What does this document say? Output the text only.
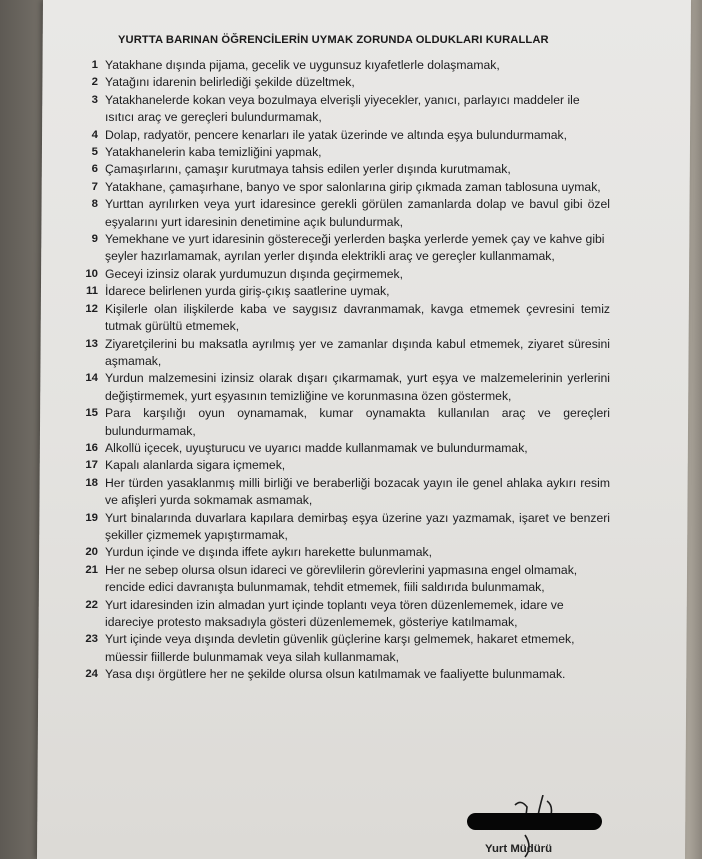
YURTTA BARINAN ÖĞRENCİLERİN UYMAK ZORUNDA OLDUKLARI KURALLAR
1 Yatakhane dışında pijama, gecelik ve uygunsuz kıyafetlerle dolaşmamak,
2 Yatağını idarenin belirlediği şekilde düzeltmek,
3 Yatakhanelerde kokan veya bozulmaya elverişli yiyecekler, yanıcı, parlayıcı maddeler ile ısıtıcı araç ve gereçleri bulundurmamak,
4 Dolap, radyatör, pencere kenarları ile yatak üzerinde ve altında eşya bulundurmamak,
5 Yatakhanelerin kaba temizliğini yapmak,
6 Çamaşırlarını, çamaşır kurutmaya tahsis edilen yerler dışında kurutmamak,
7 Yatakhane, çamaşırhane, banyo ve spor salonlarına girip çıkmada zaman tablosuna uymak,
8 Yurttan ayrılırken veya yurt idaresince gerekli görülen zamanlarda dolap ve bavul gibi özel eşyalarını yurt idaresinin denetimine açık bulundurmak,
9 Yemekhane ve yurt idaresinin göstereceği yerlerden başka yerlerde yemek çay ve kahve gibi şeyler hazırlamamak, ayrılan yerler dışında elektrikli araç ve gereçler kullanmamak,
10 Geceyi izinsiz olarak yurdumuzun dışında geçirmemek,
11 İdarece belirlenen yurda giriş-çıkış saatlerine uymak,
12 Kişilerle olan ilişkilerde kaba ve saygısız davranmamak, kavga etmemek çevresini temiz tutmak gürültü etmemek,
13 Ziyaretçilerini bu maksatla ayrılmış yer ve zamanlar dışında kabul etmemek, ziyaret süresini aşmamak,
14 Yurdun malzemesini izinsiz olarak dışarı çıkarmamak, yurt eşya ve malzemelerinin yerlerini değiştirmemek, yurt eşyasının temizliğine ve korunmasına özen göstermek,
15 Para karşılığı oyun oynamamak, kumar oynamakta kullanılan araç ve gereçleri bulundurmamak,
16 Alkollü içecek, uyuşturucu ve uyarıcı madde kullanmamak ve bulundurmamak,
17 Kapalı alanlarda sigara içmemek,
18 Her türden yasaklanmış milli birliği ve beraberliği bozacak yayın ile genel ahlaka aykırı resim ve afişleri yurda sokmamak asmamak,
19 Yurt binalarında duvarlara kapılara demirbaş eşya üzerine yazı yazmamak, işaret ve benzeri şekiller çizmemek yapıştırmamak,
20 Yurdun içinde ve dışında iffete aykırı harekette bulunmamak,
21 Her ne sebep olursa olsun idareci ve görevlilerin görevlerini yapmasına engel olmamak, rencide edici davranışta bulunmamak, tehdit etmemek, fiili saldırıda bulunmamak,
22 Yurt idaresinden izin almadan yurt içinde toplantı veya tören düzenlememek, idare ve idareciye protesto maksadıyla gösteri düzenlememek, gösteriye katılmamak,
23 Yurt içinde veya dışında devletin güvenlik güçlerine karşı gelmemek, hakaret etmemek, müessir fiillerde bulunmamak veya silah kullanmamak,
24 Yasa dışı örgütlere her ne şekilde olursa olsun katılmamak ve faaliyette bulunmamak.
Yurt Müdürü
